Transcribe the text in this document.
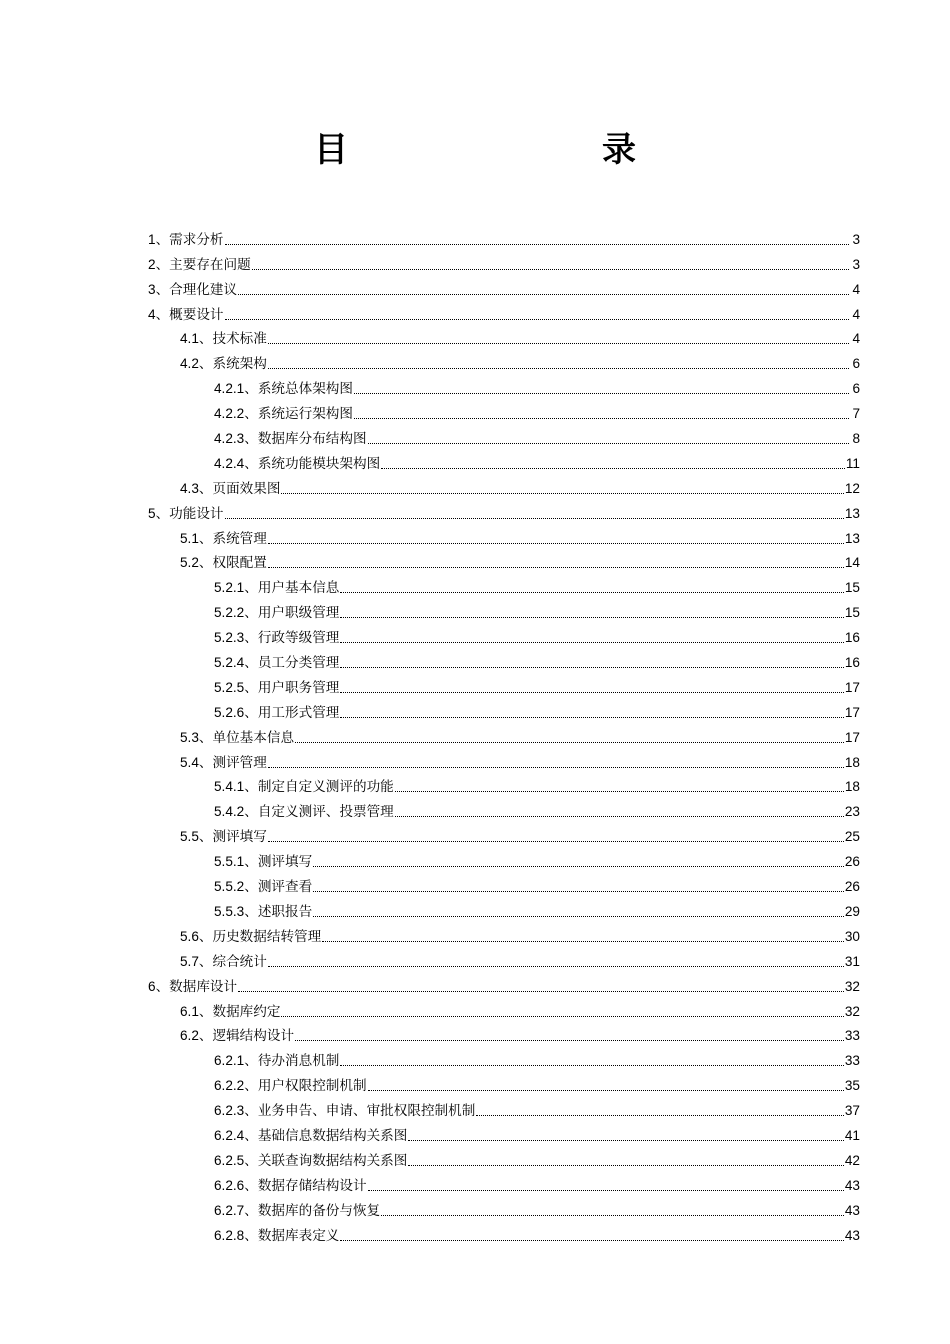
目　　录
1 、 需求分析	3
2 、 主要存在问题	3
3 、 合理化建议	4
4 、 概要设计	4
4.1 、 技术标准	4
4.2 、 系统架构	6
4.2.1 、 系统总体架构图	6
4.2.2 、 系统运行架构图	7
4.2.3 、 数据库分布结构图	8
4.2.4 、 系统功能模块架构图	11
4.3 、 页面效果图	12
5 、 功能设计	13
5.1 、 系统管理	13
5.2 、 权限配置	14
5.2.1 、 用户基本信息	15
5.2.2 、 用户职级管理	15
5.2.3 、 行政等级管理	16
5.2.4 、 员工分类管理	16
5.2.5 、 用户职务管理	17
5.2.6 、 用工形式管理	17
5.3 、 单位基本信息	17
5.4 、 测评管理	18
5.4.1 、 制定自定义测评的功能	18
5.4.2 、 自定义测评、投票管理	23
5.5 、 测评填写	25
5.5.1 、 测评填写	26
5.5.2 、 测评查看	26
5.5.3 、 述职报告	29
5.6 、 历史数据结转管理	30
5.7 、 综合统计	31
6 、 数据库设计	32
6.1 、 数据库约定	32
6.2 、 逻辑结构设计	33
6.2.1 、 待办消息机制	33
6.2.2 、 用户权限控制机制	35
6.2.3 、 业务申告、申请、审批权限控制机制	37
6.2.4 、 基础信息数据结构关系图	41
6.2.5 、 关联查询数据结构关系图	42
6.2.6 、 数据存储结构设计	43
6.2.7 、 数据库的备份与恢复	43
6.2.8 、 数据库表定义	43
